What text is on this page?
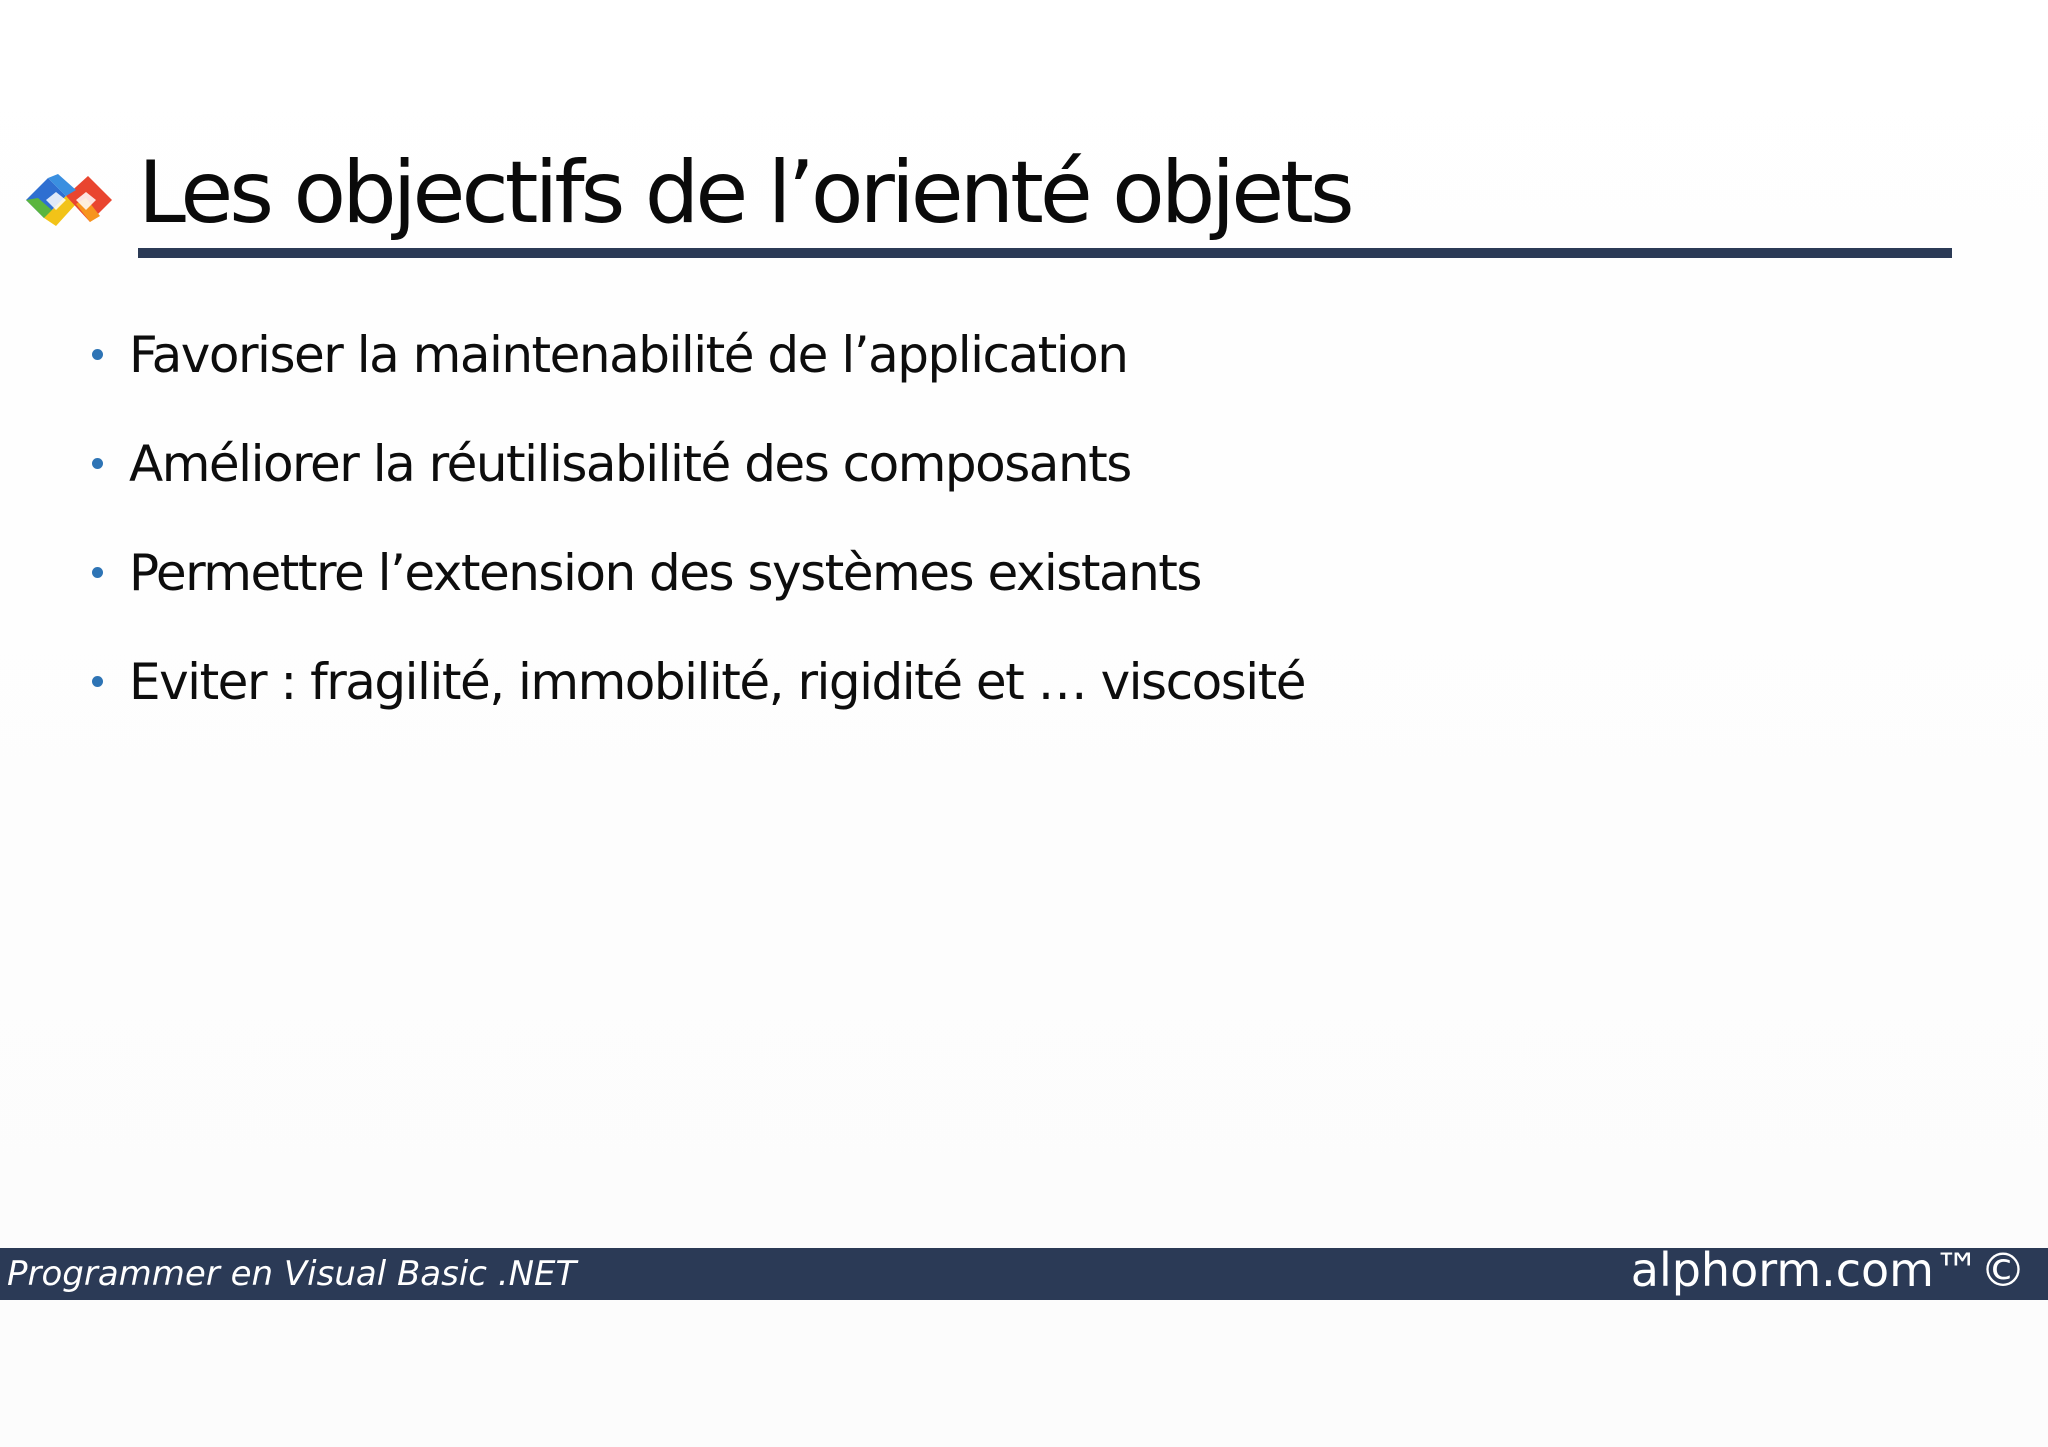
Les objectifs de l’orienté objets
Favoriser la maintenabilité de l’application
Améliorer la réutilisabilité des composants
Permettre l’extension des systèmes existants
Eviter : fragilité, immobilité, rigidité et … viscosité
Programmer en Visual Basic .NET	alphorm.com™©
